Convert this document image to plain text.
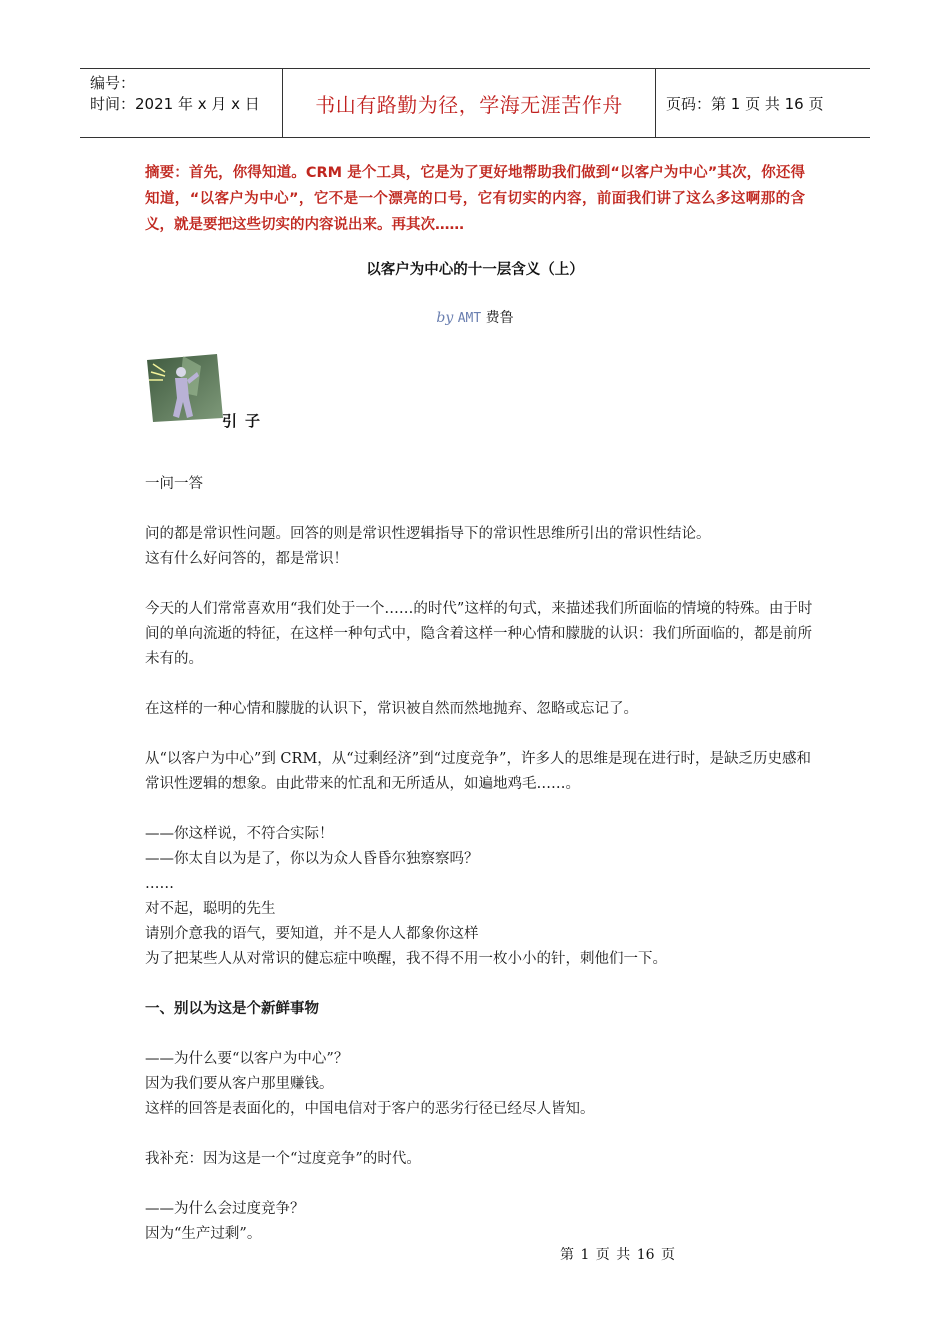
编号：
时间：2021 年 x 月 x 日	书山有路勤为径，学海无涯苦作舟	页码：第 1 页 共 16 页
摘要：首先，你得知道。CRM 是个工具，它是为了更好地帮助我们做到“以客户为中心”其次，你还得知道，“以客户为中心”，它不是一个漂亮的口号，它有切实的内容，前面我们讲了这么多这啊那的含义，就是要把这些切实的内容说出来。再其次……
以客户为中心的十一层含义（上）
by AMT 费鲁
引子

一问一答

问的都是常识性问题。回答的则是常识性逻辑指导下的常识性思维所引出的常识性结论。

这有什么好问答的，都是常识！

今天的人们常常喜欢用“我们处于一个……的时代”这样的句式，来描述我们所面临的情境的特殊。由于时间的单向流逝的特征，在这样一种句式中，隐含着这样一种心情和朦胧的认识：我们所面临的，都是前所未有的。

在这样的一种心情和朦胧的认识下，常识被自然而然地抛弃、忽略或忘记了。

从“以客户为中心”到 CRM，从“过剩经济”到“过度竞争”，许多人的思维是现在进行时，是缺乏历史感和常识性逻辑的想象。由此带来的忙乱和无所适从，如遍地鸡毛……。

——你这样说，不符合实际！

——你太自以为是了，你以为众人昏昏尔独察察吗？

……

对不起，聪明的先生

请别介意我的语气，要知道，并不是人人都象你这样

为了把某些人从对常识的健忘症中唤醒，我不得不用一枚小小的针，刺他们一下。

一、别以为这是个新鲜事物

——为什么要“以客户为中心”？

因为我们要从客户那里赚钱。

这样的回答是表面化的，中国电信对于客户的恶劣行径已经尽人皆知。

我补充：因为这是一个“过度竞争”的时代。

——为什么会过度竞争？

因为“生产过剩”。

第 1 页 共 16 页
